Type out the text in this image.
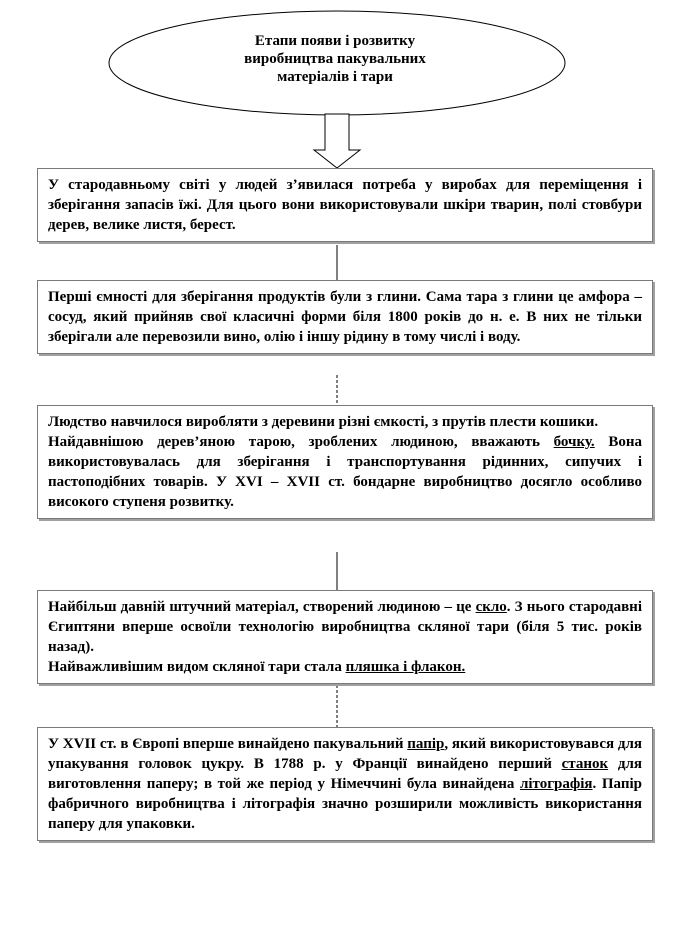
Етапи появи і розвитку
виробництва пакувальних
матеріалів і тари

У стародавньому світі у людей з’явилася потреба у виробах для переміщення і зберігання запасів їжі. Для цього вони використовували шкіри тварин, полі стовбури дерев, велике листя, берест.

Перші ємності для зберігання продуктів були з глини. Сама тара з глини це амфора – сосуд, який прийняв свої класичні форми біля 1800 років до н. е. В них не тільки зберігали але перевозили вино, олію і іншу рідину в тому числі і воду.

Людство навчилося виробляти з деревини різні ємкості, з прутів плести кошики.

Найдавнішою дерев’яною тарою, зроблених людиною, вважають бочку. Вона використовувалась для зберігання і транспортування рідинних, сипучих і пастоподібних товарів. У XVI – XVII ст. бондарне виробництво досягло особливо високого ступеня розвитку.

Найбільш давній штучний матеріал, створений людиною – це скло. З нього стародавні Єгиптяни вперше освоїли технологію виробництва скляної тари (біля 5 тис. років назад).

Найважливішим видом скляної тари стала пляшка і флакон.

У XVII ст. в Європі вперше винайдено пакувальний папір, який використовувався для упакування головок цукру. В 1788 р. у Франції винайдено перший станок для виготовлення паперу; в той же період у Німеччині була винайдена літографія. Папір фабричного виробництва і літографія значно розширили можливість використання паперу для упаковки.
